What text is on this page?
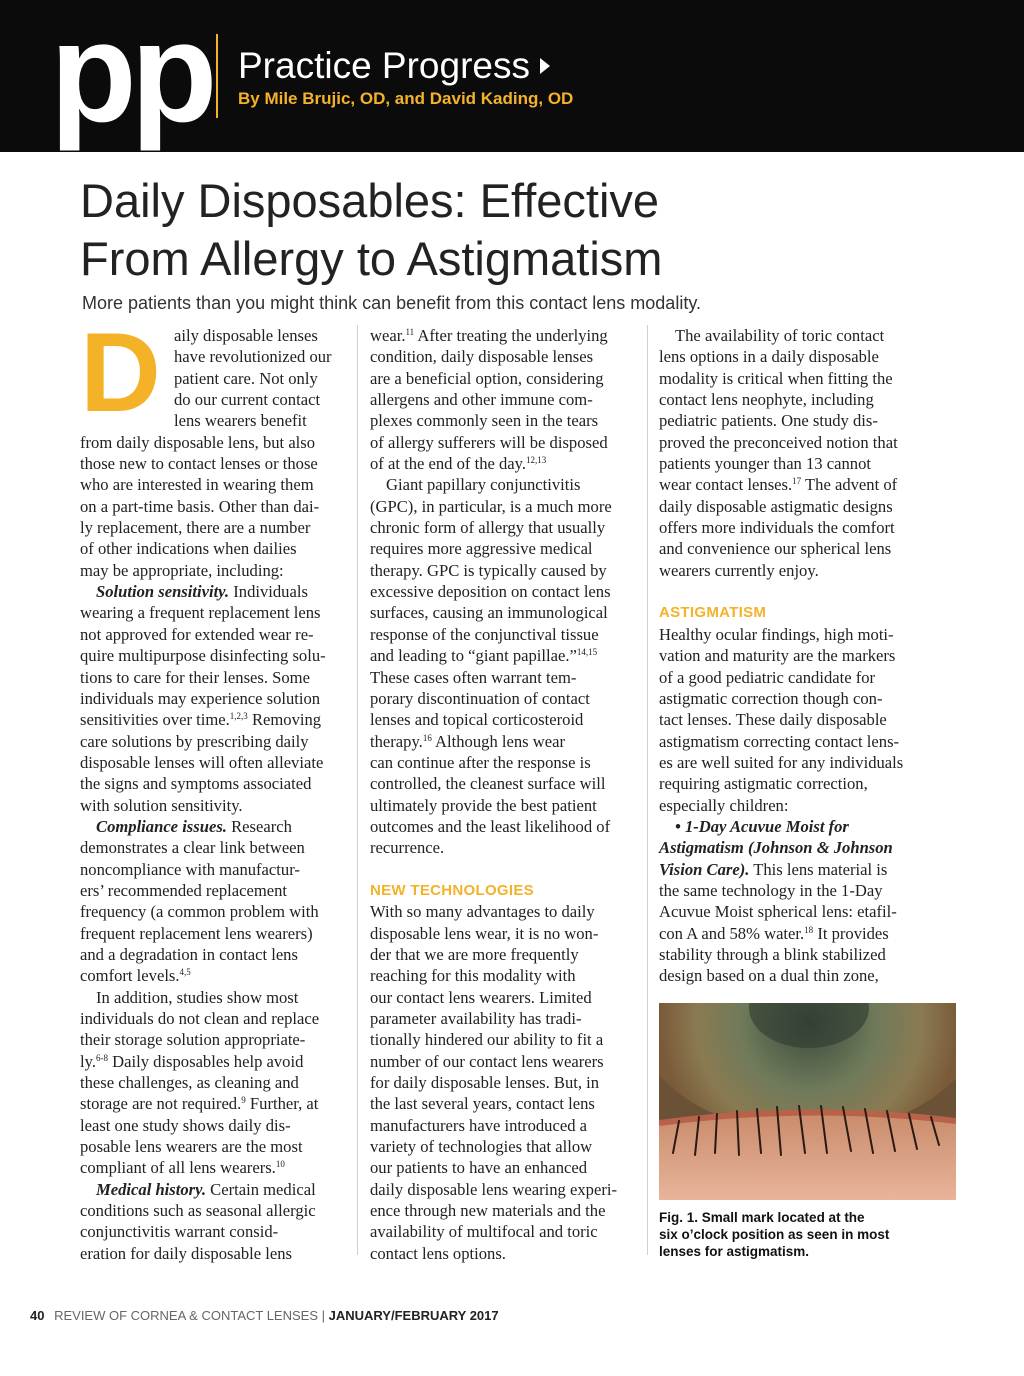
pp Practice Progress
By Mile Brujic, OD, and David Kading, OD
Daily Disposables: Effective
From Allergy to Astigmatism
More patients than you might think can benefit from this contact lens modality.
D aily disposable lenses
have revolutionized our
patient care. Not only
do our current contact
lens wearers benefit
from daily disposable lens, but also
those new to contact lenses or those
who are interested in wearing them
on a part-time basis. Other than dai-
ly replacement, there are a number
of other indications when dailies
may be appropriate, including:
Solution sensitivity. Individuals
wearing a frequent replacement lens
not approved for extended wear re-
quire multipurpose disinfecting solu-
tions to care for their lenses. Some
individuals may experience solution
sensitivities over time.$^{1,2,3}$ Removing
care solutions by prescribing daily
disposable lenses will often alleviate
the signs and symptoms associated
with solution sensitivity.
Compliance issues. Research
demonstrates a clear link between
noncompliance with manufactur-
ers’ recommended replacement
frequency (a common problem with
frequent replacement lens wearers)
and a degradation in contact lens
comfort levels.$^{4,5}$
In addition, studies show most
individuals do not clean and replace
their storage solution appropriate-
ly.$^{6-8}$ Daily disposables help avoid
these challenges, as cleaning and
storage are not required.$^9$ Further, at
least one study shows daily dis-
posable lens wearers are the most
compliant of all lens wearers.$^{10}$
Medical history. Certain medical
conditions such as seasonal allergic
conjunctivitis warrant consid-
eration for daily disposable lens
wear.$^{11}$ After treating the underlying
condition, daily disposable lenses
are a beneficial option, considering
allergens and other immune com-
plexes commonly seen in the tears
of allergy sufferers will be disposed
of at the end of the day.$^{12,13}$
Giant papillary conjunctivitis
(GPC), in particular, is a much more
chronic form of allergy that usually
requires more aggressive medical
therapy. GPC is typically caused by
excessive deposition on contact lens
surfaces, causing an immunological
response of the conjunctival tissue
and leading to “giant papillae.”$^{14,15}$
These cases often warrant tem-
porary discontinuation of contact
lenses and topical corticosteroid
therapy.$^{16}$ Although lens wear
can continue after the response is
controlled, the cleanest surface will
ultimately provide the best patient
outcomes and the least likelihood of
recurrence.

NEW TECHNOLOGIES
With so many advantages to daily
disposable lens wear, it is no won-
der that we are more frequently
reaching for this modality with
our contact lens wearers. Limited
parameter availability has tradi-
tionally hindered our ability to fit a
number of our contact lens wearers
for daily disposable lenses. But, in
the last several years, contact lens
manufacturers have introduced a
variety of technologies that allow
our patients to have an enhanced
daily disposable lens wearing experi-
ence through new materials and the
availability of multifocal and toric
contact lens options.
The availability of toric contact
lens options in a daily disposable
modality is critical when fitting the
contact lens neophyte, including
pediatric patients. One study dis-
proved the preconceived notion that
patients younger than 13 cannot
wear contact lenses.$^{17}$ The advent of
daily disposable astigmatic designs
offers more individuals the comfort
and convenience our spherical lens
wearers currently enjoy.

ASTIGMATISM
Healthy ocular findings, high moti-
vation and maturity are the markers
of a good pediatric candidate for
astigmatic correction though con-
tact lenses. These daily disposable
astigmatism correcting contact lens-
es are well suited for any individuals
requiring astigmatic correction,
especially children:
• 1-Day Acuvue Moist for
Astigmatism (Johnson & Johnson
Vision Care). This lens material is
the same technology in the 1-Day
Acuvue Moist spherical lens: etafil-
con A and 58% water.$^{18}$ It provides
stability through a blink stabilized
design based on a dual thin zone,
Fig. 1. Small mark located at the
six o’clock position as seen in most
lenses for astigmatism.
40 REVIEW OF CORNEA & CONTACT LENSES | JANUARY/FEBRUARY 2017
